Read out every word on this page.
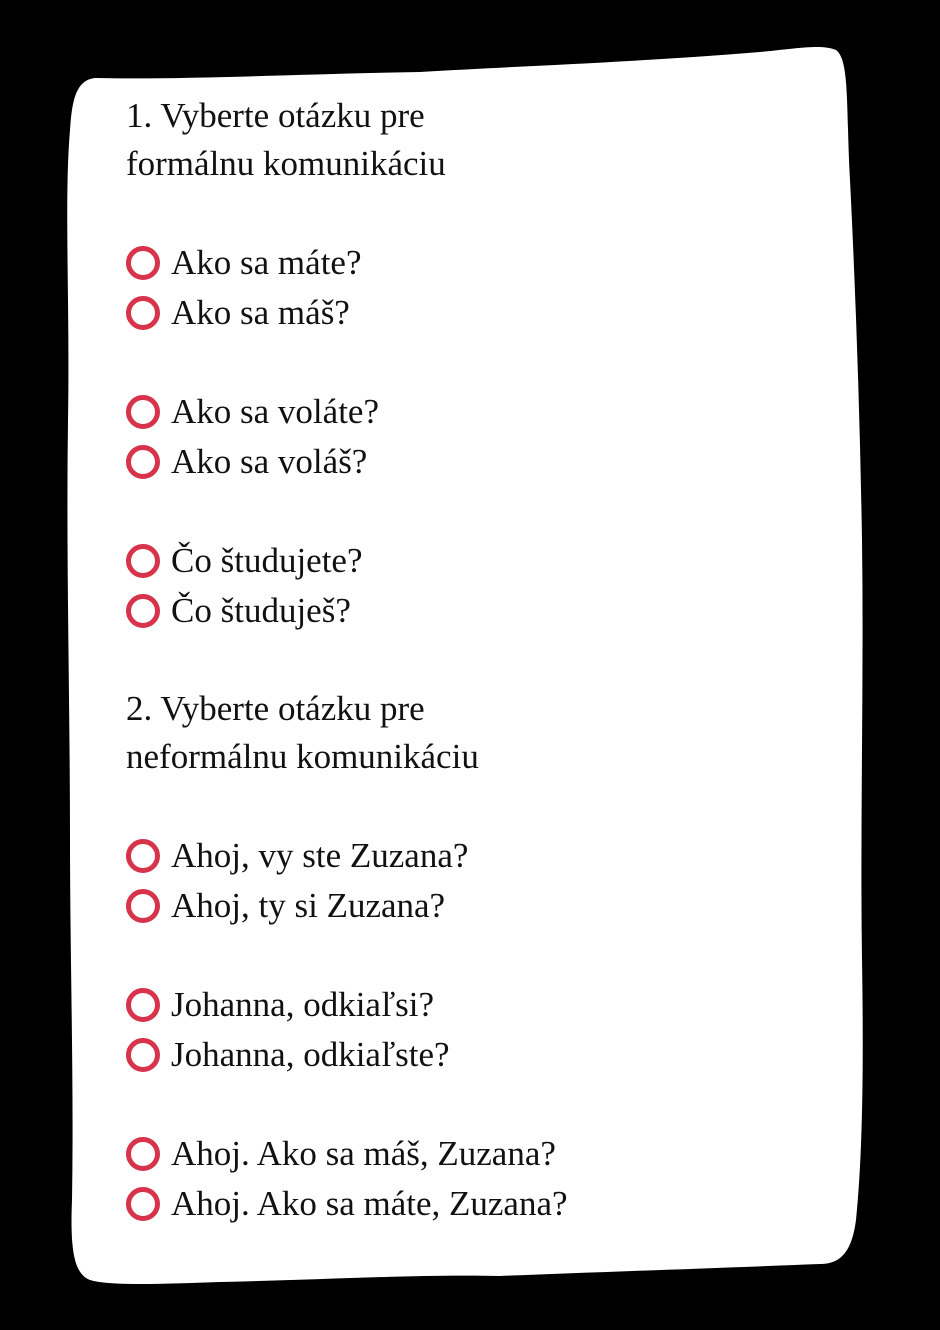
1. Vyberte otázku pre
formálnu komunikáciu
Ako sa máte?
Ako sa máš?
Ako sa voláte?
Ako sa voláš?
Čo študujete?
Čo študuješ?
2. Vyberte otázku pre
neformálnu komunikáciu
Ahoj, vy ste Zuzana?
Ahoj, ty si Zuzana?
Johanna, odkiaľsi?
Johanna, odkiaľste?
Ahoj. Ako sa máš, Zuzana?
Ahoj. Ako sa máte, Zuzana?
